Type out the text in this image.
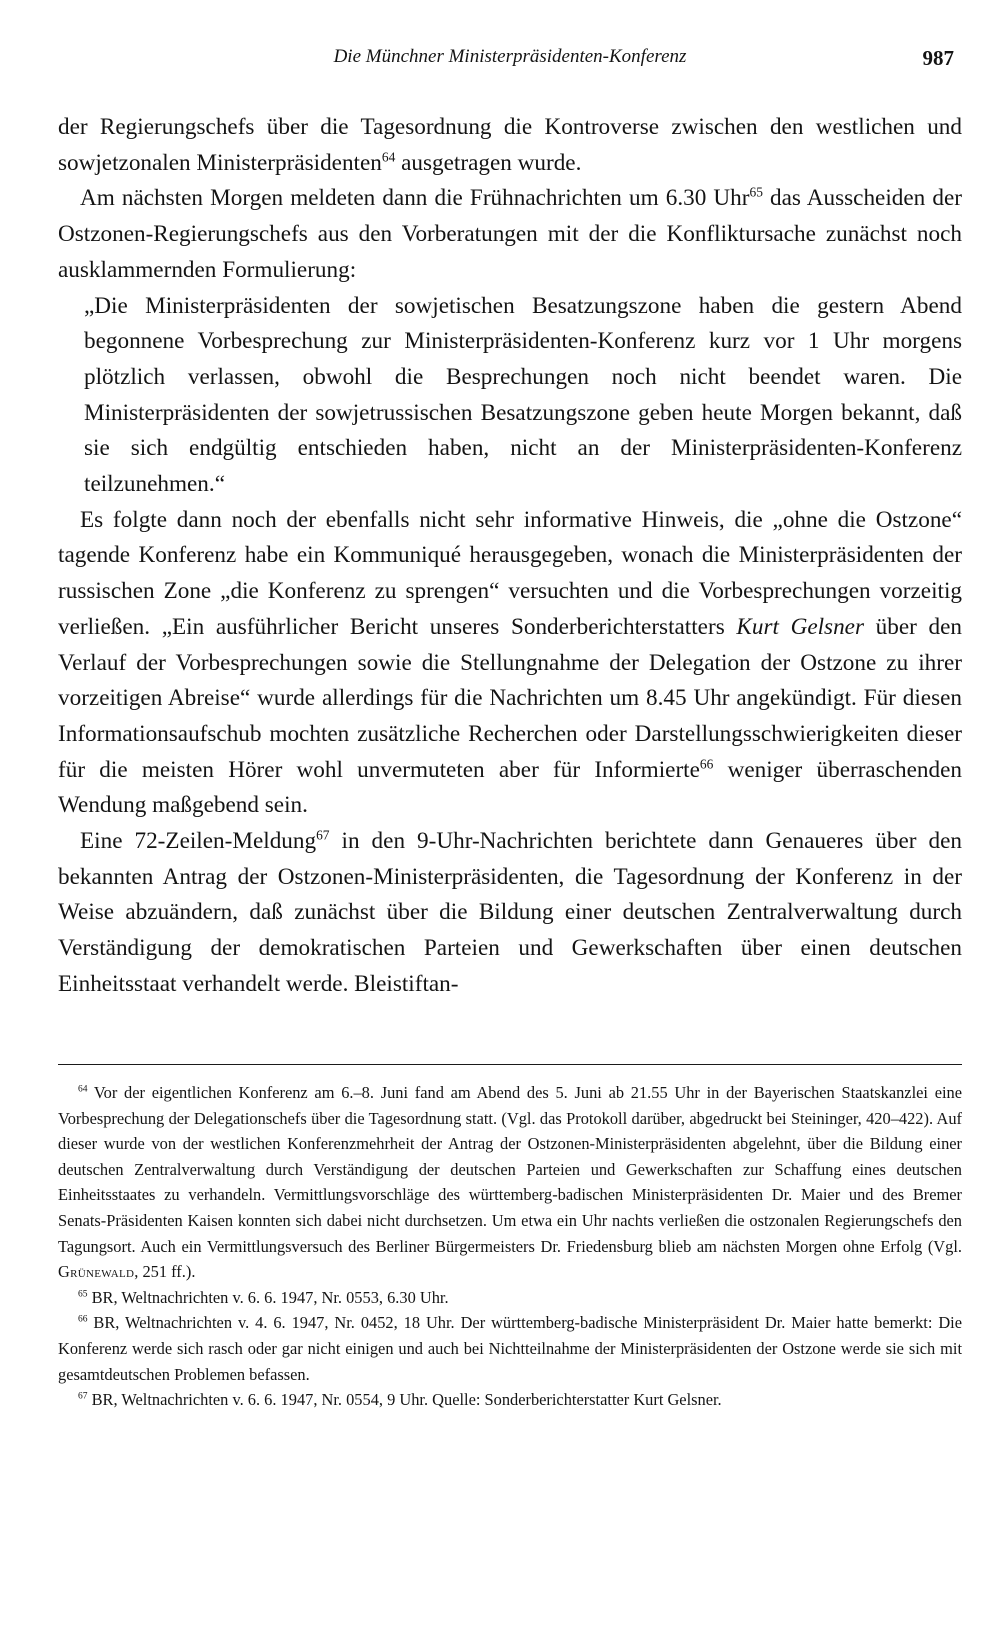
Die Münchner Ministerpräsidenten-Konferenz	987

der Regierungschefs über die Tagesordnung die Kontroverse zwischen den westlichen und sowjetzonalen Ministerpräsidenten$^{64}$ ausgetragen wurde.

Am nächsten Morgen meldeten dann die Frühnachrichten um 6.30 Uhr$^{65}$ das Ausscheiden der Ostzonen-Regierungschefs aus den Vorberatungen mit der die Konfliktursache zunächst noch ausklammernden Formulierung:

„Die Ministerpräsidenten der sowjetischen Besatzungszone haben die gestern Abend begonnene Vorbesprechung zur Ministerpräsidenten-Konferenz kurz vor 1 Uhr morgens plötzlich verlassen, obwohl die Besprechungen noch nicht beendet waren. Die Ministerpräsidenten der sowjetrussischen Besatzungszone geben heute Morgen bekannt, daß sie sich endgültig entschieden haben, nicht an der Ministerpräsidenten-Konferenz teilzunehmen.“

Es folgte dann noch der ebenfalls nicht sehr informative Hinweis, die „ohne die Ostzone“ tagende Konferenz habe ein Kommuniqué herausgegeben, wonach die Ministerpräsidenten der russischen Zone „die Konferenz zu sprengen“ versuchten und die Vorbesprechungen vorzeitig verließen. „Ein ausführlicher Bericht unseres Sonderberichterstatters Kurt Gelsner über den Verlauf der Vorbesprechungen sowie die Stellungnahme der Delegation der Ostzone zu ihrer vorzeitigen Abreise“ wurde allerdings für die Nachrichten um 8.45 Uhr angekündigt. Für diesen Informationsaufschub mochten zusätzliche Recherchen oder Darstellungsschwierigkeiten dieser für die meisten Hörer wohl unvermuteten aber für Informierte$^{66}$ weniger überraschenden Wendung maßgebend sein.

Eine 72-Zeilen-Meldung$^{67}$ in den 9-Uhr-Nachrichten berichtete dann Genaueres über den bekannten Antrag der Ostzonen-Ministerpräsidenten, die Tagesordnung der Konferenz in der Weise abzuändern, daß zunächst über die Bildung einer deutschen Zentralverwaltung durch Verständigung der demokratischen Parteien und Gewerkschaften über einen deutschen Einheitsstaat verhandelt werde. Bleistiftan-

$^{64}$ Vor der eigentlichen Konferenz am 6.–8. Juni fand am Abend des 5. Juni ab 21.55 Uhr in der Bayerischen Staatskanzlei eine Vorbesprechung der Delegationschefs über die Tagesordnung statt. (Vgl. das Protokoll darüber, abgedruckt bei Steininger, 420–422). Auf dieser wurde von der westlichen Konferenzmehrheit der Antrag der Ostzonen-Ministerpräsidenten abgelehnt, über die Bildung einer deutschen Zentralverwaltung durch Verständigung der deutschen Parteien und Gewerkschaften zur Schaffung eines deutschen Einheitsstaates zu verhandeln. Vermittlungsvorschläge des württemberg-badischen Ministerpräsidenten Dr. Maier und des Bremer Senats-Präsidenten Kaisen konnten sich dabei nicht durchsetzen. Um etwa ein Uhr nachts verließen die ostzonalen Regierungschefs den Tagungsort. Auch ein Vermittlungsversuch des Berliner Bürgermeisters Dr. Friedensburg blieb am nächsten Morgen ohne Erfolg (Vgl. Grünewald, 251 ff.).

$^{65}$ BR, Weltnachrichten v. 6. 6. 1947, Nr. 0553, 6.30 Uhr.

$^{66}$ BR, Weltnachrichten v. 4. 6. 1947, Nr. 0452, 18 Uhr. Der württemberg-badische Ministerpräsident Dr. Maier hatte bemerkt: Die Konferenz werde sich rasch oder gar nicht einigen und auch bei Nichtteilnahme der Ministerpräsidenten der Ostzone werde sie sich mit gesamtdeutschen Problemen befassen.

$^{67}$ BR, Weltnachrichten v. 6. 6. 1947, Nr. 0554, 9 Uhr. Quelle: Sonderberichterstatter Kurt Gelsner.
